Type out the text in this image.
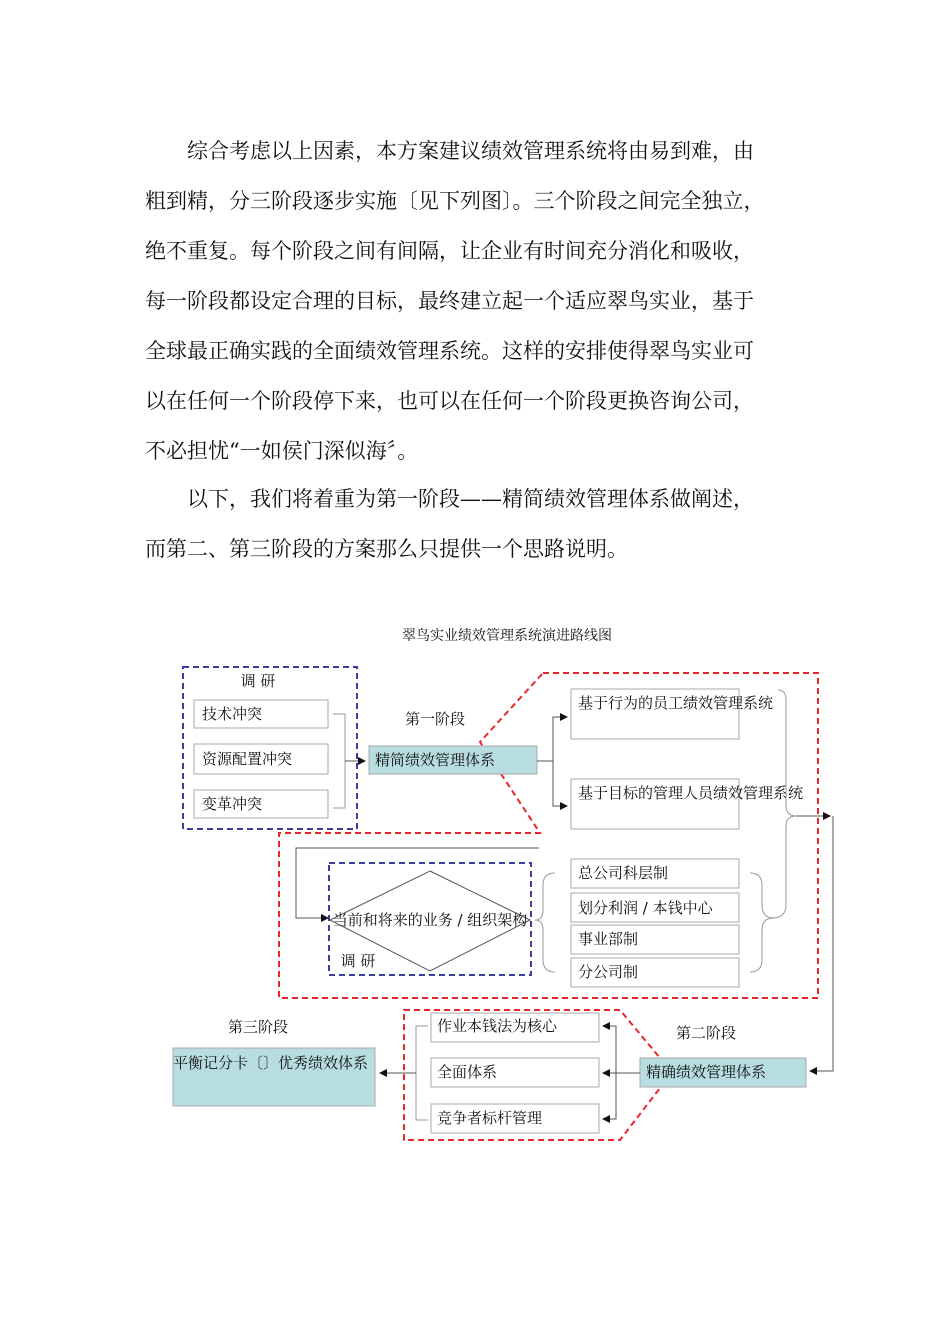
　　综合考虑以上因素，本方案建议绩效管理系统将由易到难，由
粗到精，分三阶段逐步实施〔见下列图〕。三个阶段之间完全独立，
绝不重复。每个阶段之间有间隔，让企业有时间充分消化和吸收，
每一阶段都设定合理的目标，最终建立起一个适应翠鸟实业，基于
全球最正确实践的全面绩效管理系统。这样的安排使得翠鸟实业可
以在任何一个阶段停下来，也可以在任何一个阶段更换咨询公司，
不必担忧“一如侯门深似海〞。
　　以下，我们将着重为第一阶段——精简绩效管理体系做阐述，
而第二、第三阶段的方案那么只提供一个思路说明。
翠鸟实业绩效管理系统演进路线图
调 研
技术冲突
资源配置冲突
变革冲突
第一阶段
精简绩效管理体系
基于行为的员工绩效管理系统
基于目标的管理人员绩效管理系统
当前和将来的业务 / 组织架构
调 研
总公司科层制
划分利润 / 本钱中心
事业部制
分公司制
第二阶段
精确绩效管理体系
作业本钱法为核心
全面体系
竞争者标杆管理
第三阶段
平衡记分卡〔〕优秀绩效体系
